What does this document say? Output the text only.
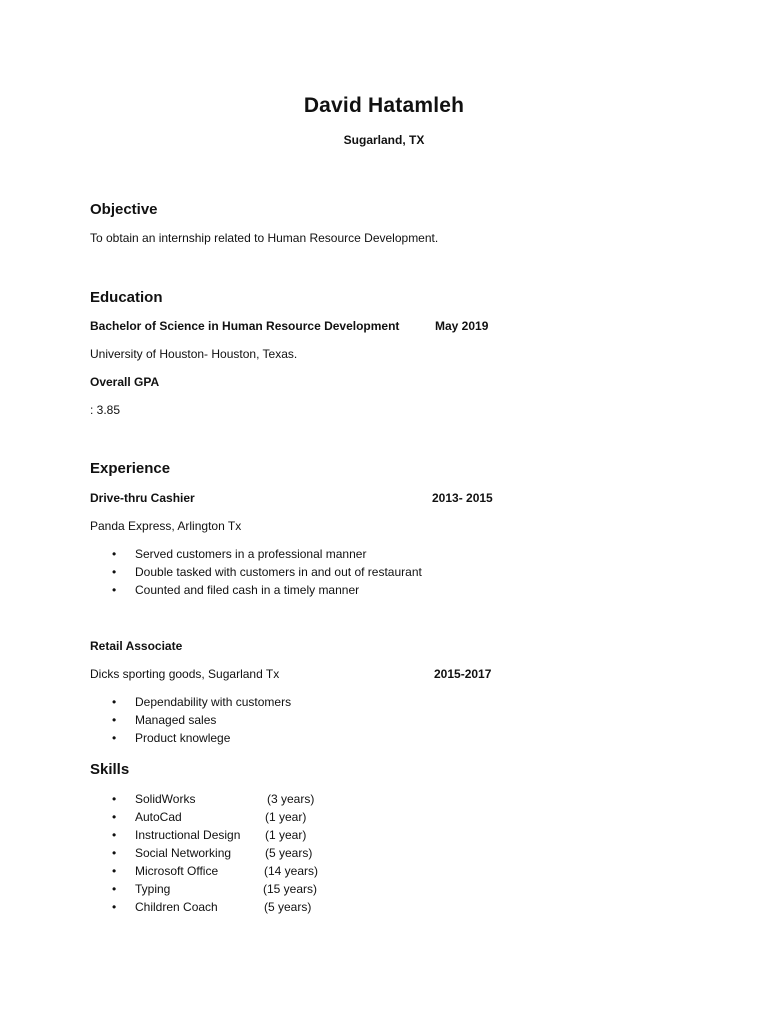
David Hatamleh
Sugarland, TX
Objective
To obtain an internship related to Human Resource Development.
Education
Bachelor of Science in Human Resource Development	May 2019
University of Houston- Houston, Texas.
Overall GPA
: 3.85
Experience
Drive-thru Cashier	2013- 2015
Panda Express, Arlington Tx
• Served customers in a professional manner
• Double tasked with customers in and out of restaurant
• Counted and filed cash in a timely manner
Retail Associate
Dicks sporting goods, Sugarland Tx	2015-2017
• Dependability with customers
• Managed sales
• Product knowlege
Skills
• SolidWorks	(3 years)
• AutoCad	(1 year)
• Instructional Design (1 year)
• Social Networking	(5 years)
• Microsoft Office	(14 years)
• Typing	(15 years)
• Children Coach	(5 years)
